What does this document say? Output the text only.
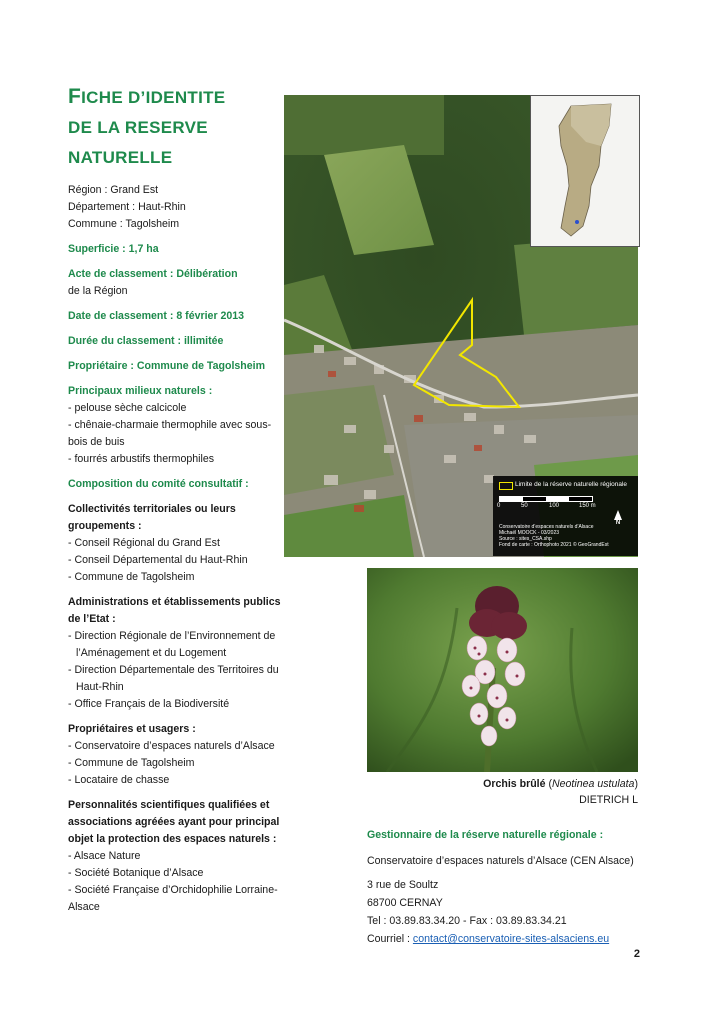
FICHE D’IDENTITE
DE LA RESERVE
NATURELLE
Région : Grand Est
Département : Haut-Rhin
Commune : Tagolsheim
Superficie : 1,7 ha
Acte de classement : Délibération
de la Région
Date de classement : 8 février 2013
Durée du classement : illimitée
Propriétaire : Commune de Tagolsheim
Principaux milieux naturels :
- pelouse sèche calcicole
- chênaie-charmaie thermophile avec sous-bois de buis
- fourrés arbustifs thermophiles
Composition du comité consultatif :
Collectivités territoriales ou leurs groupements :
- Conseil Régional du Grand Est
- Conseil Départemental du Haut-Rhin
- Commune de Tagolsheim
Administrations et établissements publics de l’Etat :
- Direction Régionale de l’Environnement de l’Aménagement et du Logement
- Direction Départementale des Territoires du Haut-Rhin
- Office Français de la Biodiversité
Propriétaires et usagers :
- Conservatoire d’espaces naturels d’Alsace
- Commune de Tagolsheim
- Locataire de chasse
Personnalités scientifiques qualifiées et associations agréées ayant pour principal objet la protection des espaces naturels :
- Alsace Nature
- Société Botanique d’Alsace
- Société Française d’Orchidophilie Lorraine-Alsace
Limite de la réserve naturelle régionale
0	50	100	150 m
N
Conservatoire d’espaces naturels d’Alsace
Michaël MOOCK - 03/2023
Source : sites_CSA.shp
Fond de carte : Orthophoto 2021 © GeoGrandEst
Orchis brûlé (Neotinea ustulata)
DIETRICH L
Gestionnaire de la réserve naturelle régionale :
Conservatoire d’espaces naturels d’Alsace (CEN Alsace)
3 rue de Soultz
68700 CERNAY
Tel : 03.89.83.34.20 - Fax : 03.89.83.34.21
Courriel : contact@conservatoire-sites-alsaciens.eu
2
